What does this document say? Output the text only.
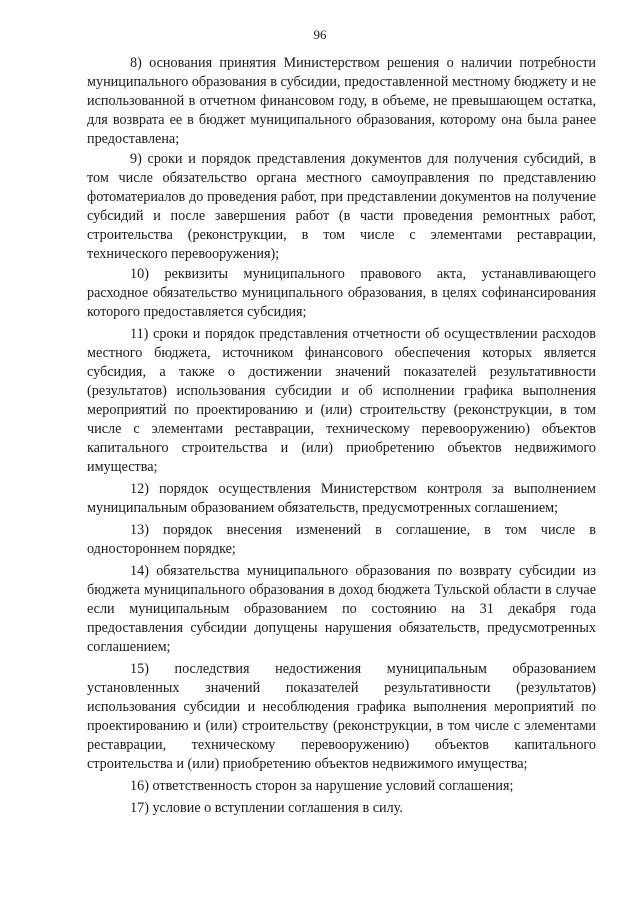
96

8) основания принятия Министерством решения о наличии потребности муниципального образования в субсидии, предоставленной местному бюджету и не использованной в отчетном финансовом году, в объеме, не превышающем остатка, для возврата ее в бюджет муниципального образования, которому она была ранее предоставлена;

9) сроки и порядок представления документов для получения субсидий, в том числе обязательство органа местного самоуправления по представлению фотоматериалов до проведения работ, при представлении документов на получение субсидий и после завершения работ (в части проведения ремонтных работ, строительства (реконструкции, в том числе с элементами реставрации, технического перевооружения);

10) реквизиты муниципального правового акта, устанавливающего расходное обязательство муниципального образования, в целях софинансирования которого предоставляется субсидия;

11) сроки и порядок представления отчетности об осуществлении расходов местного бюджета, источником финансового обеспечения которых является субсидия, а также о достижении значений показателей результативности (результатов) использования субсидии и об исполнении графика выполнения мероприятий по проектированию и (или) строительству (реконструкции, в том числе с элементами реставрации, техническому перевооружению) объектов капитального строительства и (или) приобретению объектов недвижимого имущества;

12) порядок осуществления Министерством контроля за выполнением муниципальным образованием обязательств, предусмотренных соглашением;

13) порядок внесения изменений в соглашение, в том числе в одностороннем порядке;

14) обязательства муниципального образования по возврату субсидии из бюджета муниципального образования в доход бюджета Тульской области в случае если муниципальным образованием по состоянию на 31 декабря года предоставления субсидии допущены нарушения обязательств, предусмотренных соглашением;

15) последствия недостижения муниципальным образованием установленных значений показателей результативности (результатов) использования субсидии и несоблюдения графика выполнения мероприятий по проектированию и (или) строительству (реконструкции, в том числе с элементами реставрации, техническому перевооружению) объектов капитального строительства и (или) приобретению объектов недвижимого имущества;

16) ответственность сторон за нарушение условий соглашения;

17) условие о вступлении соглашения в силу.
